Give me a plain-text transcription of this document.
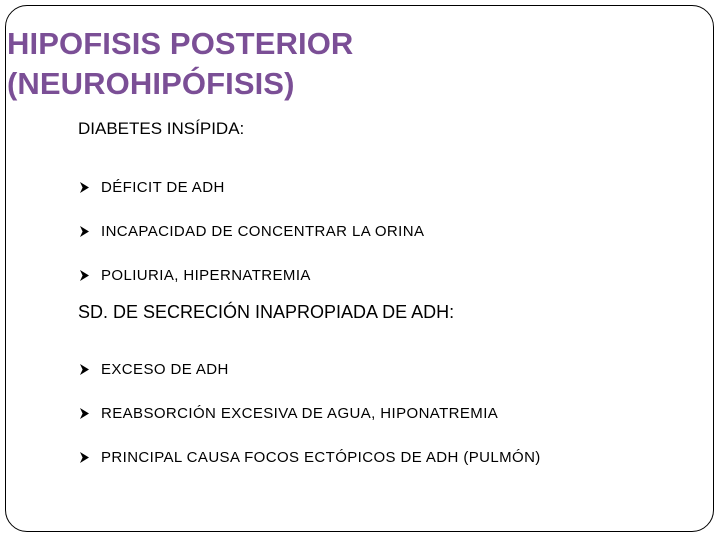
HIPOFISIS POSTERIOR
(NEUROHIPÓFISIS)
DIABETES INSÍPIDA:
DÉFICIT DE ADH
INCAPACIDAD DE CONCENTRAR LA ORINA
POLIURIA, HIPERNATREMIA
SD. DE SECRECIÓN INAPROPIADA DE ADH:
EXCESO DE ADH
REABSORCIÓN EXCESIVA DE AGUA, HIPONATREMIA
PRINCIPAL CAUSA FOCOS ECTÓPICOS DE ADH (PULMÓN)
